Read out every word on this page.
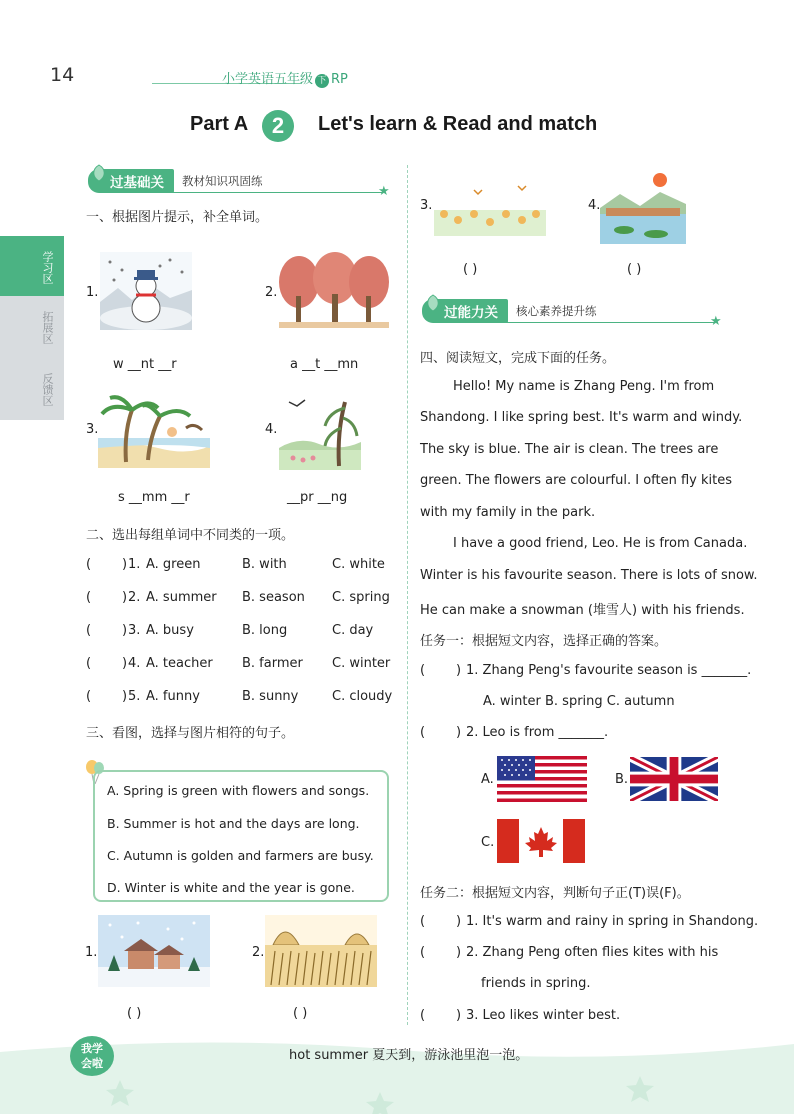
14	小学英语五年级 下 RP
Part A	2	Let's learn & Read and match
学习区
拓展区
反馈区
过基础关	教材知识巩固练
★
一、根据图片提示，补全单词。
1.
w __nt __r
2.
a __t __mn
3.
s __mm __r
4.
__pr __ng
二、选出每组单词中不同类的一项。
( ) 1. A. green	B. with	C. white
( ) 2. A. summer B. season C. spring
( ) 3. A. busy	B. long	C. day
( ) 4. A. teacher B. farmer C. winter
( ) 5. A. funny	B. sunny	C. cloudy
三、看图，选择与图片相符的句子。
A. Spring is green with flowers and songs.
B. Summer is hot and the days are long.
C. Autumn is golden and farmers are busy.
D. Winter is white and the year is gone.
1.
( )
2.
( )
3.
( )
4.
( )
过能力关	核心素养提升练
★
四、阅读短文，完成下面的任务。
Hello! My name is Zhang Peng. I'm from
Shandong. I like spring best. It's warm and windy.
The sky is blue. The air is clean. The trees are
green. The flowers are colourful. I often fly kites
with my family in the park.
I have a good friend, Leo. He is from Canada.
Winter is his favourite season. There is lots of snow.
He can make a snowman (堆雪人) with his friends.
任务一：根据短文内容，选择正确的答案。
( ) 1. Zhang Peng's favourite season is _______.
A. winter B. spring C. autumn
( ) 2. Leo is from _______.
A.	B.
C.
任务二：根据短文内容，判断句子正(T)误(F)。
( ) 1. It's warm and rainy in spring in Shandong.
( ) 2. Zhang Peng often flies kites with his
friends in spring.
( ) 3. Leo likes winter best.
我学
会啦
hot summer 夏天到，游泳池里泡一泡。
